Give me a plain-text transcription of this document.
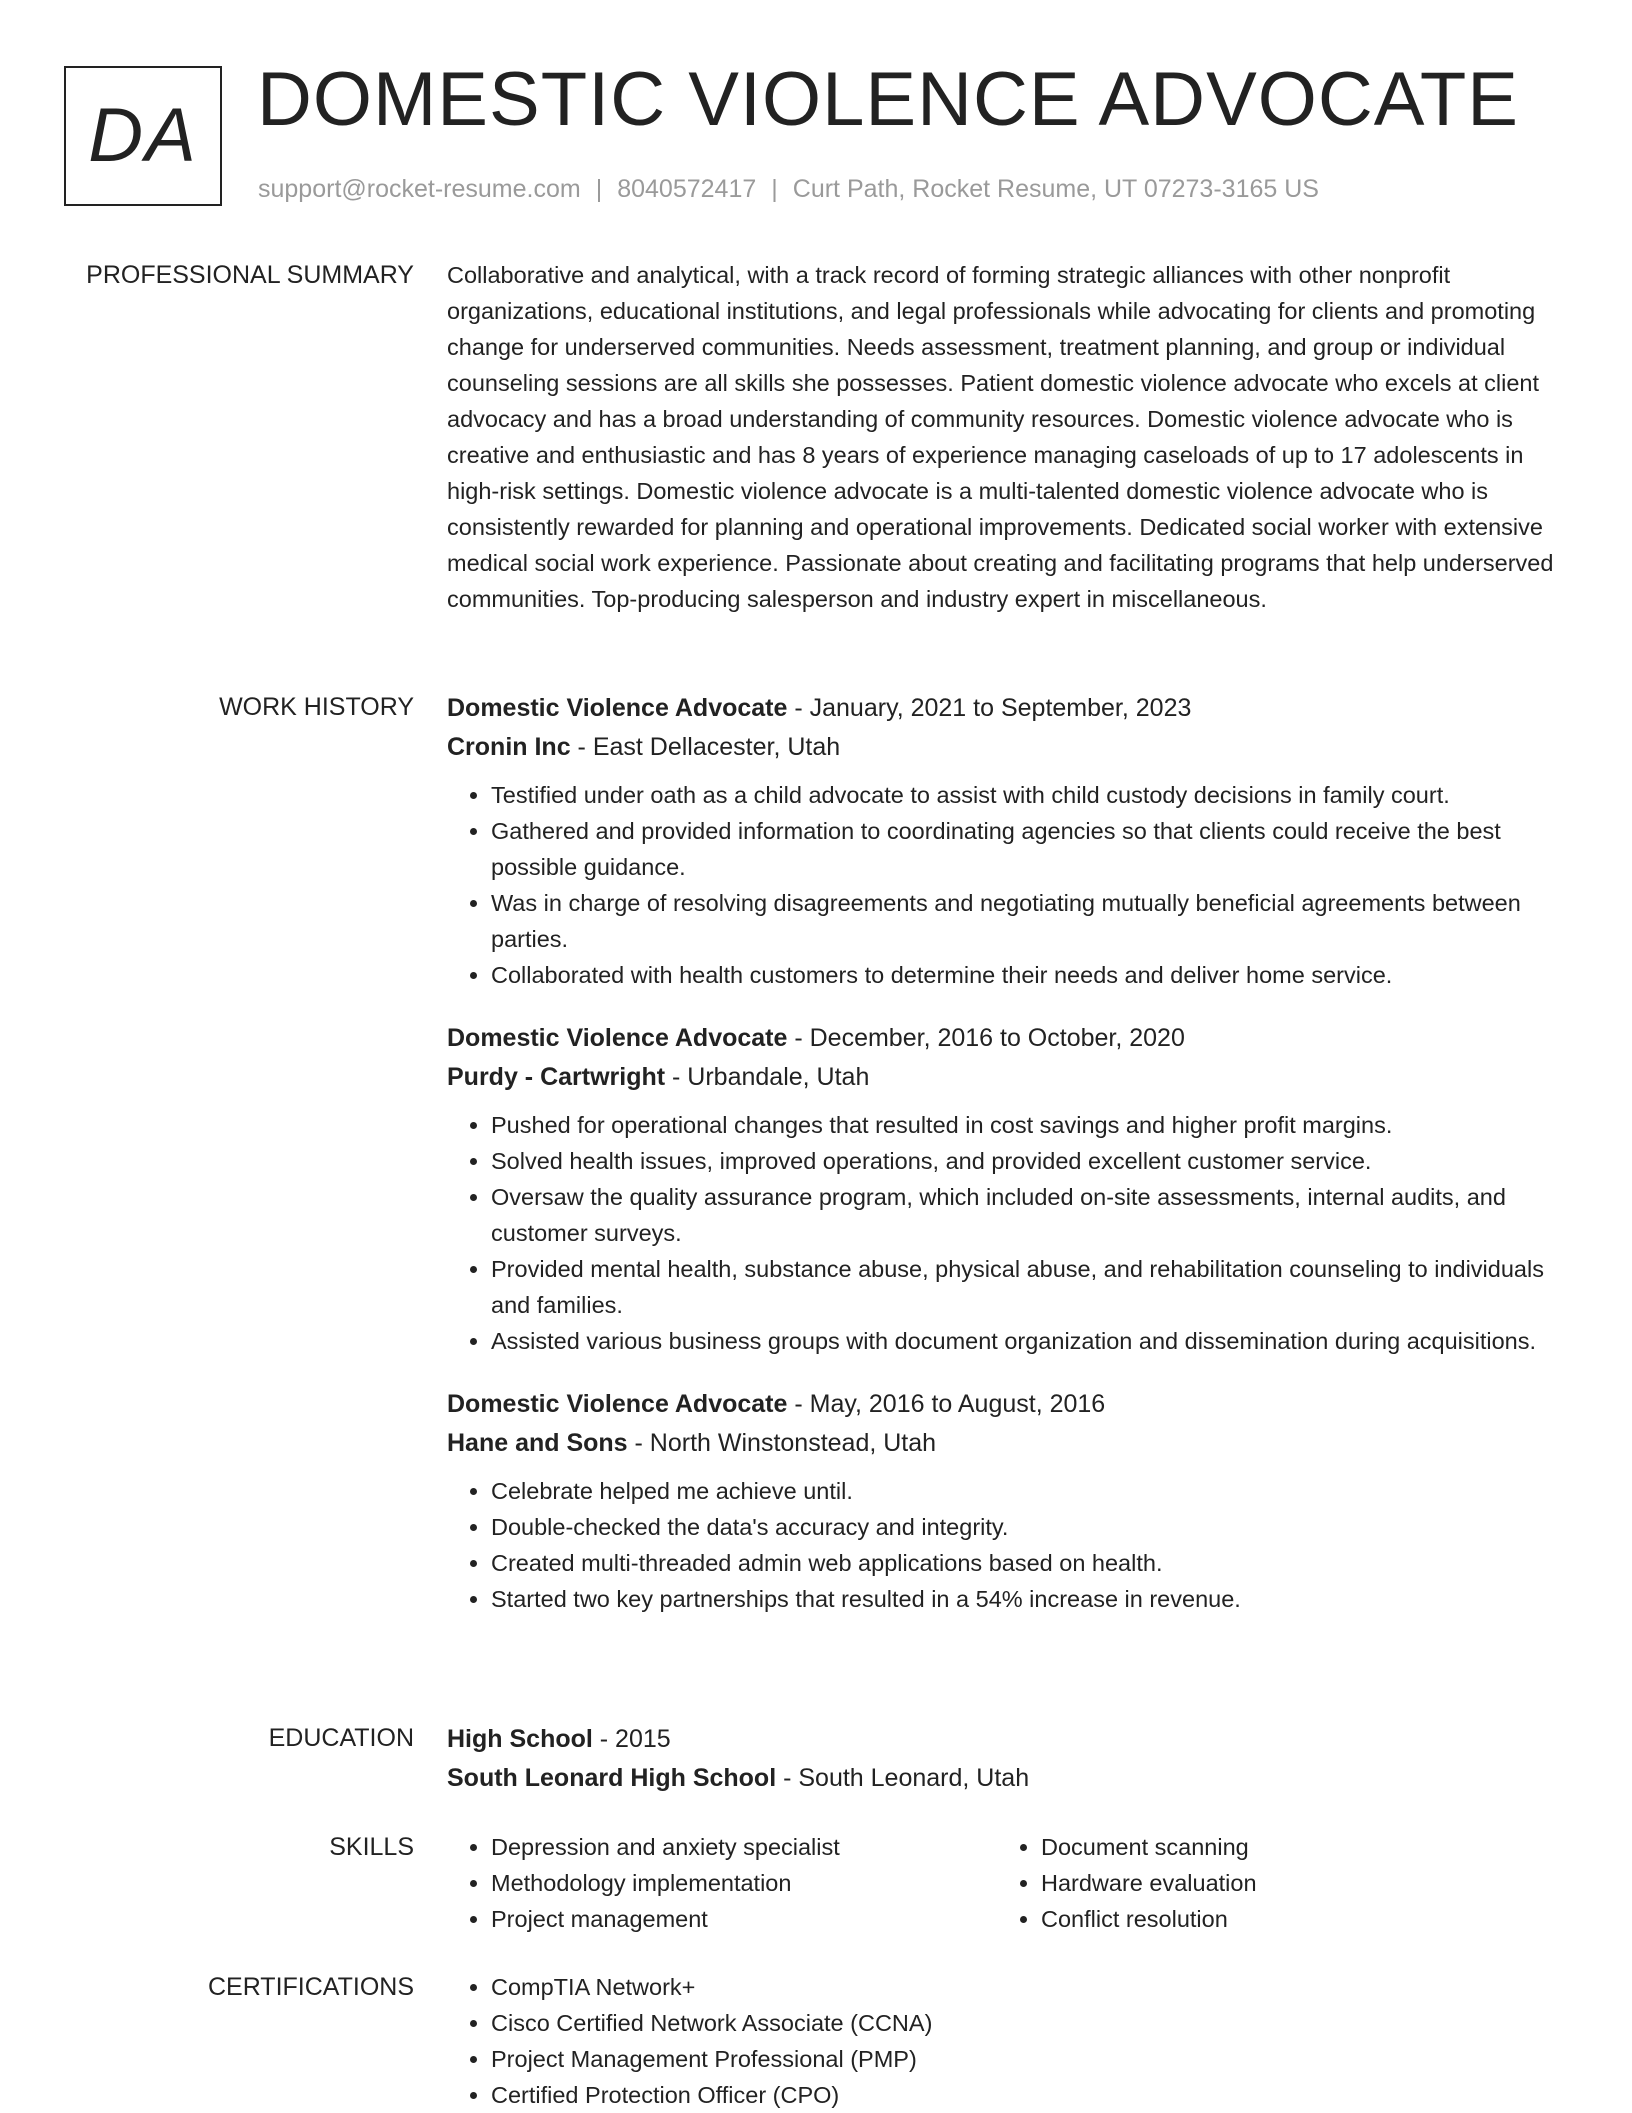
DA DOMESTIC VIOLENCE ADVOCATE
support@rocket-resume.com | 8040572417 | Curt Path, Rocket Resume, UT 07273-3165 US
PROFESSIONAL SUMMARY Collaborative and analytical, with a track record of forming strategic alliances with other nonprofit organizations, educational institutions, and legal professionals while advocating for clients and promoting change for underserved communities. Needs assessment, treatment planning, and group or individual counseling sessions are all skills she possesses. Patient domestic violence advocate who excels at client advocacy and has a broad understanding of community resources. Domestic violence advocate who is creative and enthusiastic and has 8 years of experience managing caseloads of up to 17 adolescents in high-risk settings. Domestic violence advocate is a multi-talented domestic violence advocate who is consistently rewarded for planning and operational improvements. Dedicated social worker with extensive medical social work experience. Passionate about creating and facilitating programs that help underserved communities. Top-producing salesperson and industry expert in miscellaneous.

WORK HISTORY Domestic Violence Advocate - January, 2021 to September, 2023
Cronin Inc - East Dellacester, Utah
• Testified under oath as a child advocate to assist with child custody decisions in family court.
• Gathered and provided information to coordinating agencies so that clients could receive the best possible guidance.
• Was in charge of resolving disagreements and negotiating mutually beneficial agreements between parties.
• Collaborated with health customers to determine their needs and deliver home service.
Domestic Violence Advocate - December, 2016 to October, 2020
Purdy - Cartwright - Urbandale, Utah
• Pushed for operational changes that resulted in cost savings and higher profit margins.
• Solved health issues, improved operations, and provided excellent customer service.
• Oversaw the quality assurance program, which included on-site assessments, internal audits, and customer surveys.
• Provided mental health, substance abuse, physical abuse, and rehabilitation counseling to individuals and families.
• Assisted various business groups with document organization and dissemination during acquisitions.
Domestic Violence Advocate - May, 2016 to August, 2016
Hane and Sons - North Winstonstead, Utah
• Celebrate helped me achieve until.
• Double-checked the data's accuracy and integrity.
• Created multi-threaded admin web applications based on health.
• Started two key partnerships that resulted in a 54% increase in revenue.
EDUCATION High School - 2015
South Leonard High School - South Leonard, Utah
SKILLS	• Depression and anxiety specialist
• Methodology implementation
• Project management
• Document scanning
• Hardware evaluation
• Conflict resolution
CERTIFICATIONS	• CompTIA Network+
• Cisco Certified Network Associate (CCNA)
• Project Management Professional (PMP)
• Certified Protection Officer (CPO)
